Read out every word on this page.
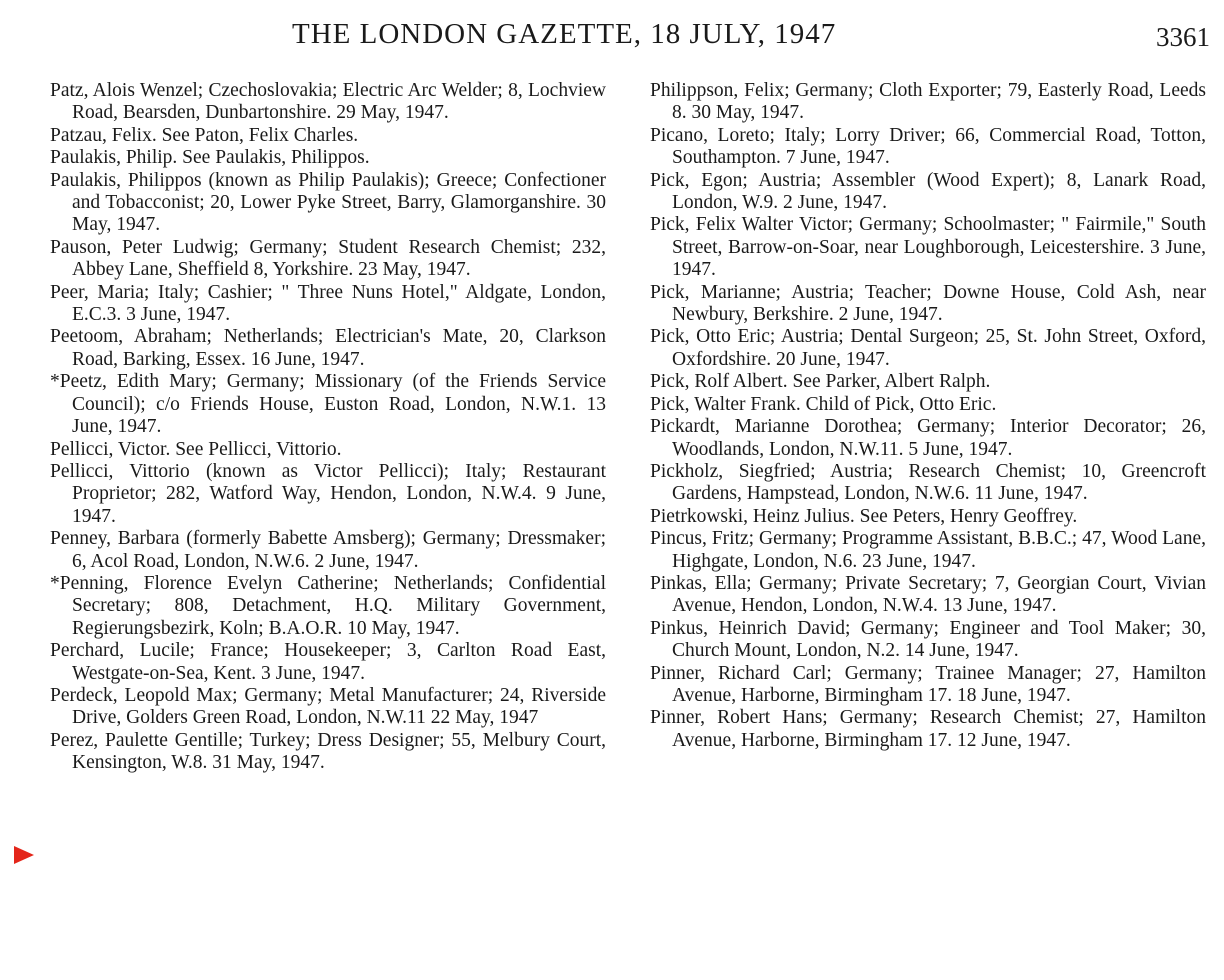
THE LONDON GAZETTE, 18 JULY, 1947	3361

Patz, Alois Wenzel; Czechoslovakia; Electric Arc Welder; 8, Lochview Road, Bearsden, Dunbartonshire. 29 May, 1947.

Patzau, Felix. See Paton, Felix Charles.

Paulakis, Philip. See Paulakis, Philippos.

Paulakis, Philippos (known as Philip Paulakis); Greece; Confectioner and Tobacconist; 20, Lower Pyke Street, Barry, Glamorganshire. 30 May, 1947.

Pauson, Peter Ludwig; Germany; Student Research Chemist; 232, Abbey Lane, Sheffield 8, Yorkshire. 23 May, 1947.

Peer, Maria; Italy; Cashier; " Three Nuns Hotel," Aldgate, London, E.C.3. 3 June, 1947.

Peetoom, Abraham; Netherlands; Electrician's Mate, 20, Clarkson Road, Barking, Essex. 16 June, 1947.

*Peetz, Edith Mary; Germany; Missionary (of the Friends Service Council); c/o Friends House, Euston Road, London, N.W.1. 13 June, 1947.

Pellicci, Victor. See Pellicci, Vittorio.

Pellicci, Vittorio (known as Victor Pellicci); Italy; Restaurant Proprietor; 282, Watford Way, Hendon, London, N.W.4. 9 June, 1947.

Penney, Barbara (formerly Babette Amsberg); Germany; Dressmaker; 6, Acol Road, London, N.W.6. 2 June, 1947.

*Penning, Florence Evelyn Catherine; Netherlands; Confidential Secretary; 808, Detachment, H.Q. Military Government, Regierungsbezirk, Koln; B.A.O.R. 10 May, 1947.

Perchard, Lucile; France; Housekeeper; 3, Carlton Road East, Westgate-on-Sea, Kent. 3 June, 1947.

Perdeck, Leopold Max; Germany; Metal Manufacturer; 24, Riverside Drive, Golders Green Road, London, N.W.11 22 May, 1947

Perez, Paulette Gentille; Turkey; Dress Designer; 55, Melbury Court, Kensington, W.8. 31 May, 1947.

Philippson, Felix; Germany; Cloth Exporter; 79, Easterly Road, Leeds 8. 30 May, 1947.

Picano, Loreto; Italy; Lorry Driver; 66, Commercial Road, Totton, Southampton. 7 June, 1947.

Pick, Egon; Austria; Assembler (Wood Expert); 8, Lanark Road, London, W.9. 2 June, 1947.

Pick, Felix Walter Victor; Germany; Schoolmaster; " Fairmile," South Street, Barrow-on-Soar, near Loughborough, Leicestershire. 3 June, 1947.

Pick, Marianne; Austria; Teacher; Downe House, Cold Ash, near Newbury, Berkshire. 2 June, 1947.

Pick, Otto Eric; Austria; Dental Surgeon; 25, St. John Street, Oxford, Oxfordshire. 20 June, 1947.

Pick, Rolf Albert. See Parker, Albert Ralph.

Pick, Walter Frank. Child of Pick, Otto Eric.

Pickardt, Marianne Dorothea; Germany; Interior Decorator; 26, Woodlands, London, N.W.11. 5 June, 1947.

Pickholz, Siegfried; Austria; Research Chemist; 10, Greencroft Gardens, Hampstead, London, N.W.6. 11 June, 1947.

Pietrkowski, Heinz Julius. See Peters, Henry Geoffrey.

Pincus, Fritz; Germany; Programme Assistant, B.B.C.; 47, Wood Lane, Highgate, London, N.6. 23 June, 1947.

Pinkas, Ella; Germany; Private Secretary; 7, Georgian Court, Vivian Avenue, Hendon, London, N.W.4. 13 June, 1947.

Pinkus, Heinrich David; Germany; Engineer and Tool Maker; 30, Church Mount, London, N.2. 14 June, 1947.

Pinner, Richard Carl; Germany; Trainee Manager; 27, Hamilton Avenue, Harborne, Birmingham 17. 18 June, 1947.

Pinner, Robert Hans; Germany; Research Chemist; 27, Hamilton Avenue, Harborne, Birmingham 17. 12 June, 1947.
